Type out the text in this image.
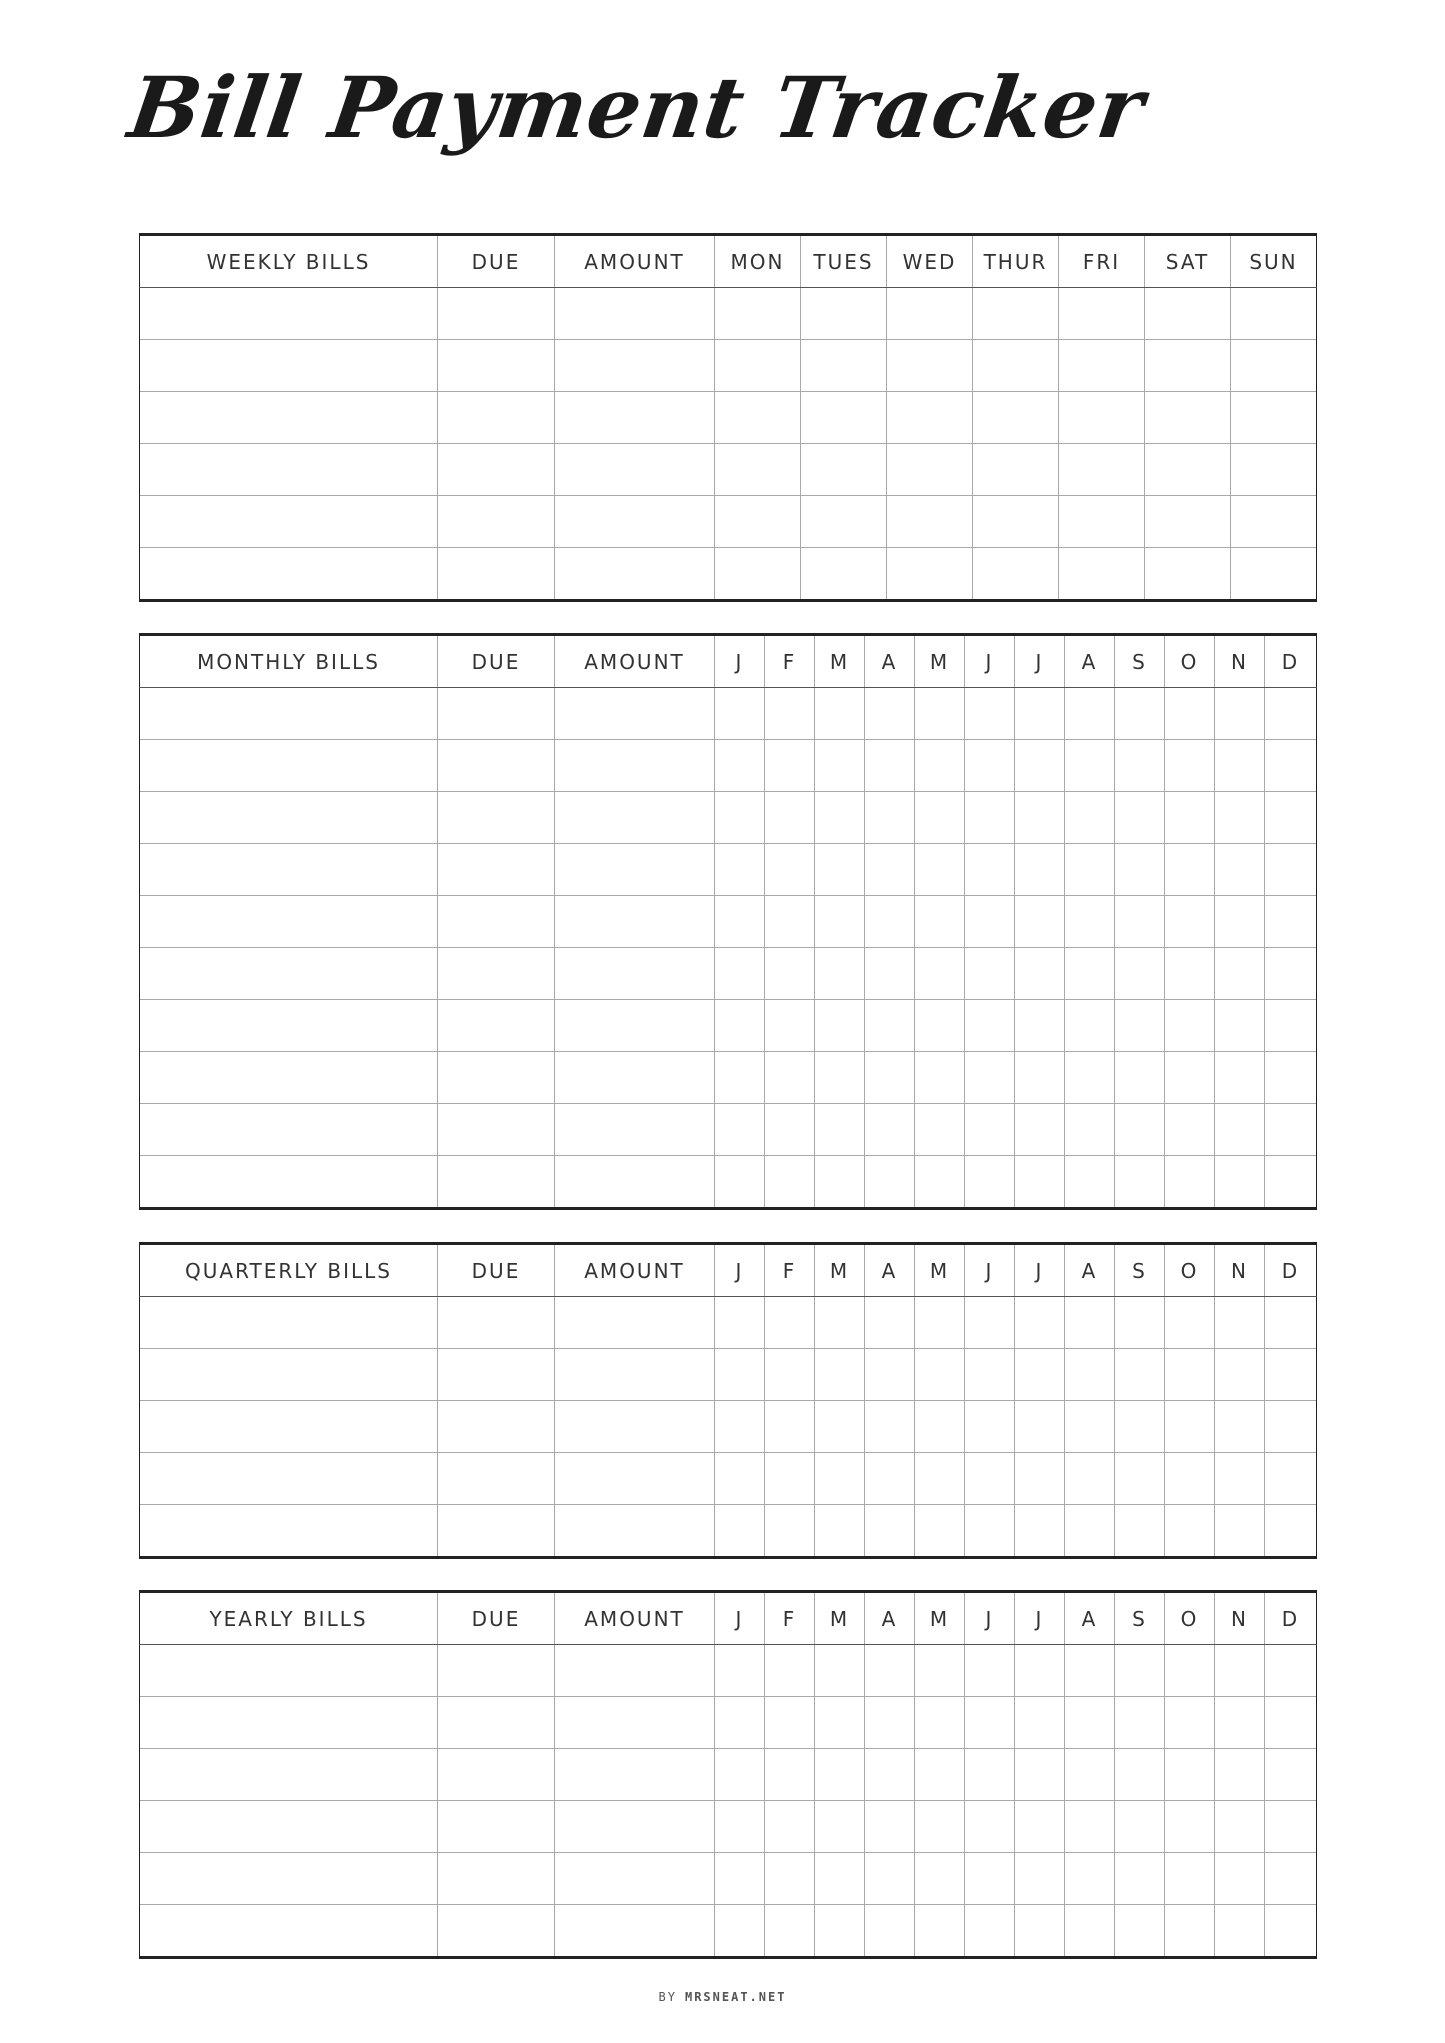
Bill Payment Tracker
WEEKLY BILLS	DUE	AMOUNT	MON	TUES	WED	THUR	FRI	SAT	SUN

MONTHLY BILLS	DUE	AMOUNT	J	F	M	A	M	J	J	A	S	O	N	D

QUARTERLY BILLS	DUE	AMOUNT	J	F	M	A	M	J	J	A	S	O	N	D

YEARLY BILLS	DUE	AMOUNT	J	F	M	A	M	J	J	A	S	O	N	D

BY MRSNEAT.NET
